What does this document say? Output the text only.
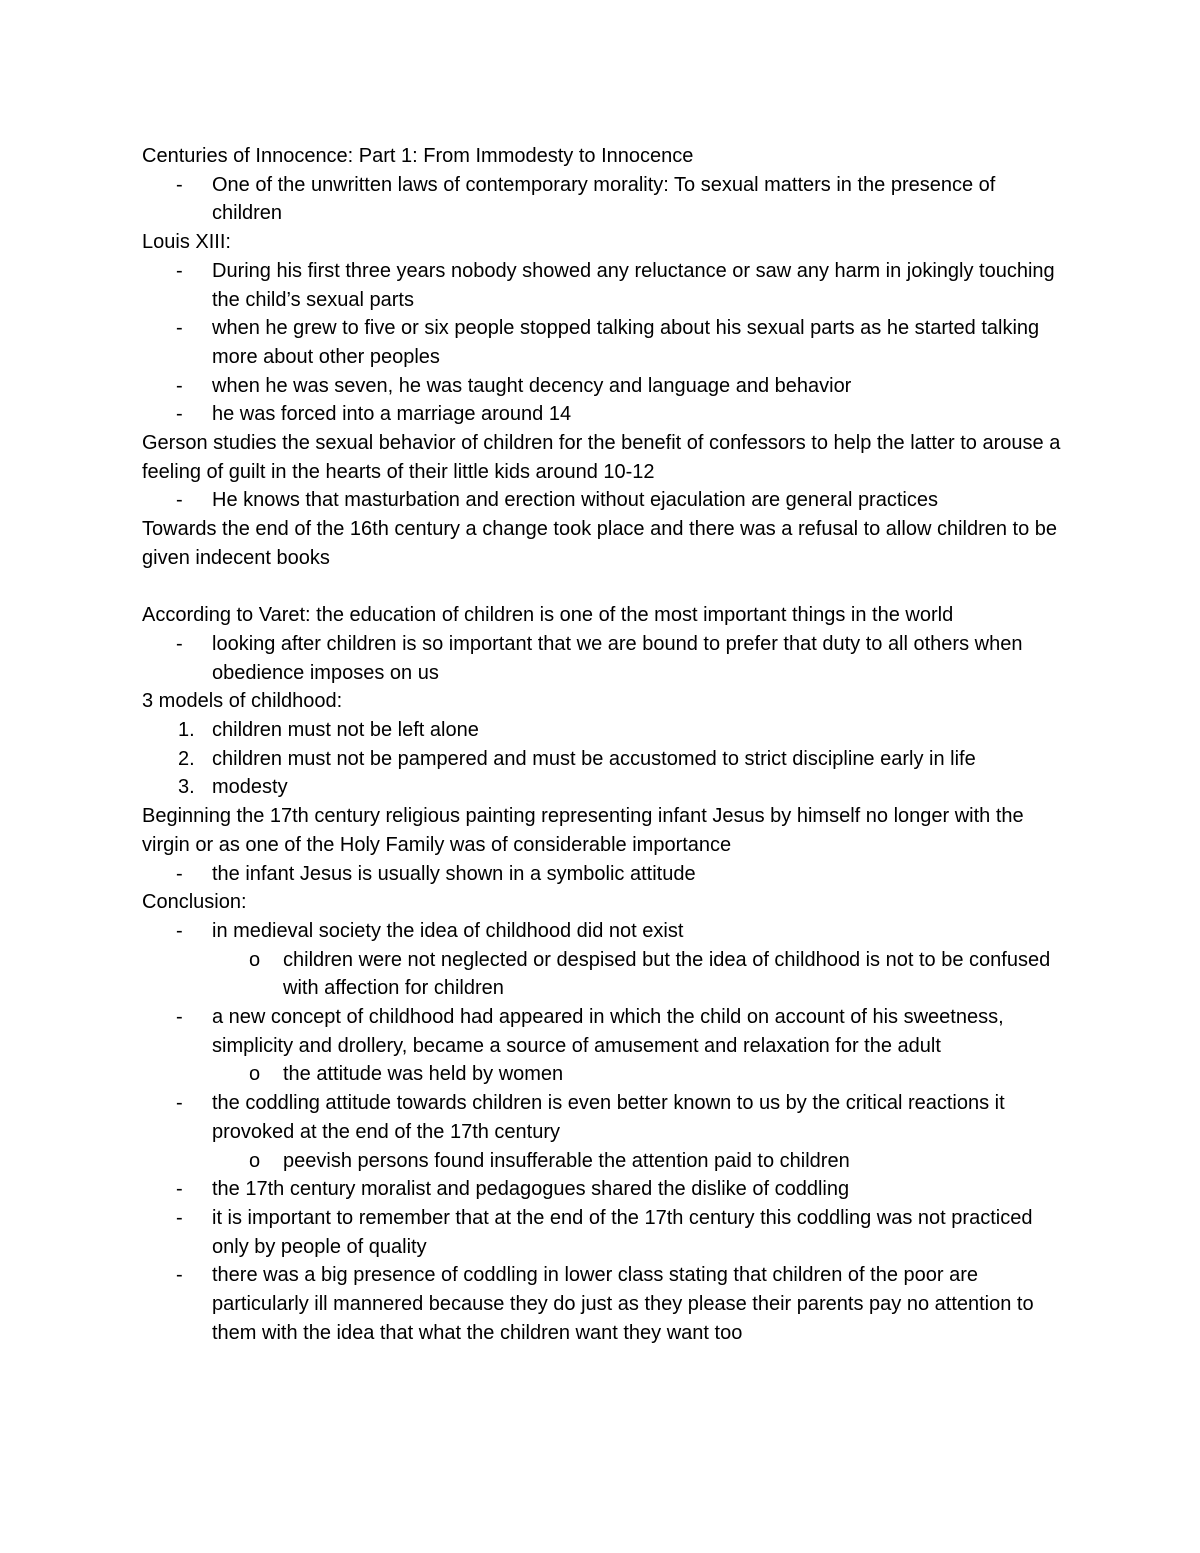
Centuries of Innocence: Part 1: From Immodesty to Innocence
- One of the unwritten laws of contemporary morality: To sexual matters in the presence of children
Louis XIII:
- During his first three years nobody showed any reluctance or saw any harm in jokingly touching the child’s sexual parts
- when he grew to five or six people stopped talking about his sexual parts as he started talking more about other peoples
- when he was seven, he was taught decency and language and behavior
- he was forced into a marriage around 14
Gerson studies the sexual behavior of children for the benefit of confessors to help the latter to arouse a feeling of guilt in the hearts of their little kids around 10-12
- He knows that masturbation and erection without ejaculation are general practices
Towards the end of the 16th century a change took place and there was a refusal to allow children to be given indecent books
According to Varet: the education of children is one of the most important things in the world
- looking after children is so important that we are bound to prefer that duty to all others when obedience imposes on us
3 models of childhood:
1. children must not be left alone
2. children must not be pampered and must be accustomed to strict discipline early in life
3. modesty
Beginning the 17th century religious painting representing infant Jesus by himself no longer with the virgin or as one of the Holy Family was of considerable importance
- the infant Jesus is usually shown in a symbolic attitude
Conclusion:
- in medieval society the idea of childhood did not exist
o children were not neglected or despised but the idea of childhood is not to be confused with affection for children
- a new concept of childhood had appeared in which the child on account of his sweetness, simplicity and drollery, became a source of amusement and relaxation for the adult
o the attitude was held by women
- the coddling attitude towards children is even better known to us by the critical reactions it provoked at the end of the 17th century
o peevish persons found insufferable the attention paid to children
- the 17th century moralist and pedagogues shared the dislike of coddling
- it is important to remember that at the end of the 17th century this coddling was not practiced only by people of quality
- there was a big presence of coddling in lower class stating that children of the poor are particularly ill mannered because they do just as they please their parents pay no attention to them with the idea that what the children want they want too
